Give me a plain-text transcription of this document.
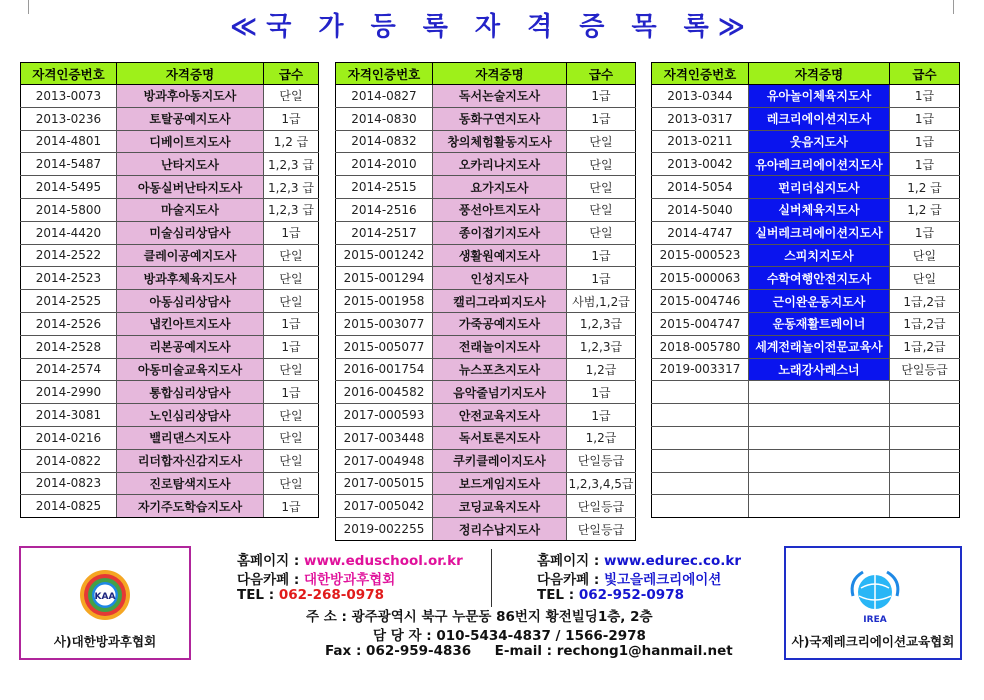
≪국 가 등 록 자 격 증 목 록≫
자격인증번호	자격증명	급수
2013-0073	방과후아동지도사	단일
2013-0236	토탈공예지도사	1급
2014-4801	디베이트지도사	1,2 급
2014-5487	난타지도사	1,2,3 급
2014-5495	아동실버난타지도사	1,2,3 급
2014-5800	마술지도사	1,2,3 급
2014-4420	미술심리상담사	1급
2014-2522	클레이공예지도사	단일
2014-2523	방과후체육지도사	단일
2014-2525	아동심리상담사	단일
2014-2526	냅킨아트지도사	1급
2014-2528	리본공예지도사	1급
2014-2574	아동미술교육지도사	단일
2014-2990	통합심리상담사	1급
2014-3081	노인심리상담사	단일
2014-0216	밸리댄스지도사	단일
2014-0822	리더합자신감지도사	단일
2014-0823	진로탐색지도사	단일
2014-0825	자기주도학습지도사	1급
자격인증번호	자격증명	급수
2014-0827	독서논술지도사	1급
2014-0830	동화구연지도사	1급
2014-0832	창의체험활동지도사	단일
2014-2010	오카리나지도사	단일
2014-2515	요가지도사	단일
2014-2516	풍선아트지도사	단일
2014-2517	종이접기지도사	단일
2015-001242	생활원예지도사	1급
2015-001294	인성지도사	1급
2015-001958	캘리그라피지도사	사범,1,2급
2015-003077	가죽공예지도사	1,2,3급
2015-005077	전래놀이지도사	1,2,3급
2016-001754	뉴스포츠지도사	1,2급
2016-004582	음악줄넘기지도사	1급
2017-000593	안전교육지도사	1급
2017-003448	독서토론지도사	1,2급
2017-004948	쿠키클레이지도사	단일등급
2017-005015	보드게임지도사	1,2,3,4,5급
2017-005042	코딩교육지도사	단일등급
2019-002255	정리수납지도사	단일등급
자격인증번호	자격증명	급수
2013-0344	유아놀이체육지도사	1급
2013-0317	레크리에이션지도사	1급
2013-0211	웃음지도사	1급
2013-0042	유아레크리에이션지도사	1급
2014-5054	펀리더십지도사	1,2 급
2014-5040	실버체육지도사	1,2 급
2014-4747	실버레크리에이션지도사	1급
2015-000523	스피치지도사	단일
2015-000063	수학여행안전지도사	단일
2015-004746	근이완운동지도사	1급,2급
2015-004747	운동재활트레이너	1급,2급
2018-005780	세계전래놀이전문교육사	1급,2급
2019-003317	노래강사레스너	단일등급

KAA
사)대한방과후협회
IREA
사)국제레크리에이션교육협회
홈페이지 : www.eduschool.or.kr
다음카페 : 대한방과후협회
TEL : 062-268-0978
홈페이지 : www.edurec.co.kr
다음카페 : 빛고을레크리에이션
TEL : 062-952-0978
주 소 : 광주광역시 북구 누문동 86번지 황전빌딩1층, 2층
담 당 자 : 010-5434-4837 / 1566-2978
Fax : 062-959-4836     E-mail : rechong1@hanmail.net
